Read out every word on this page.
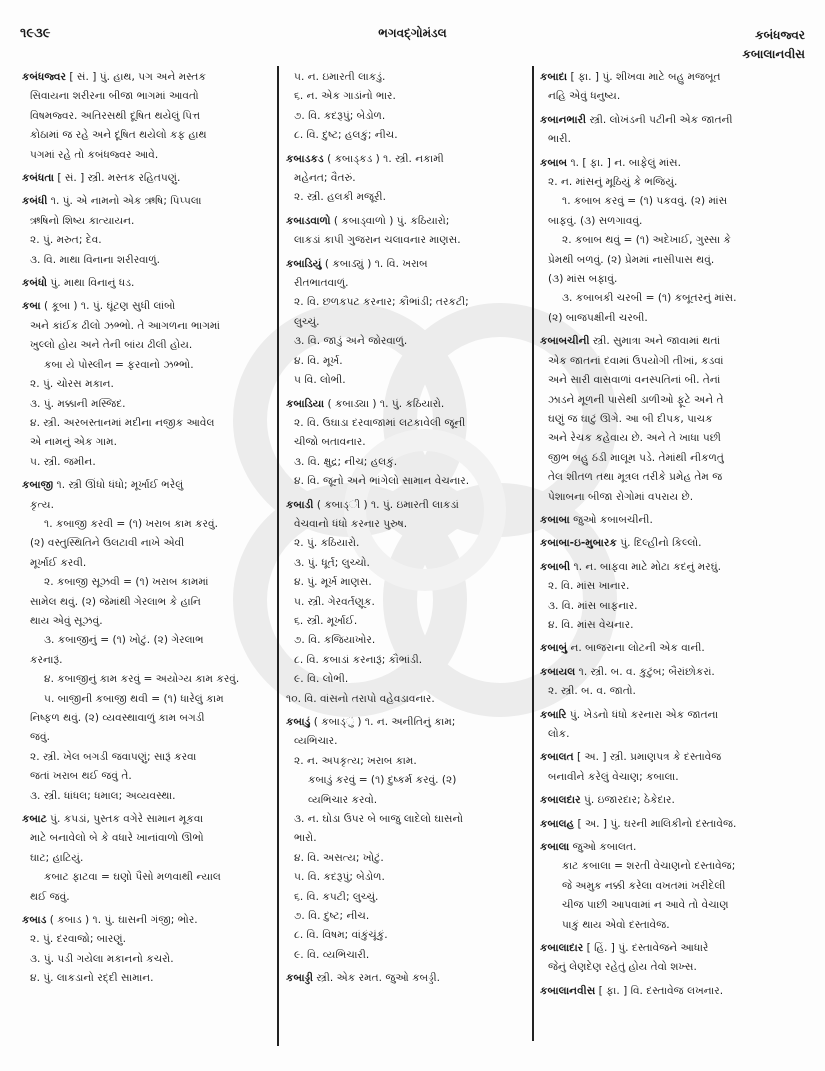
૧૯૩૯	ભગવદ્ગોમંડલ	કબંધજ્વર
કબાલાનવીસ
કબંધજ્વર [ સં. ] પું. હાથ, પગ અને મસ્તક
સિવાયના શરીરના બીજા ભાગમાં આવતો
વિષમજ્વર. અતિરસથી દૂષિત થયેલું પિત્ત
કોઠામાં જ રહે અને દૂષિત થયેલો કફ હાથ
પગમાં રહે તો કબંધજ્વર આવે.
કબંધતા [ સં. ] સ્ત્રી. મસ્તક રહિતપણું.
કબંધી ૧. પું. એ નામનો એક ઋષિ; પિપ્પલા
ઋષિનો શિષ્ય કાત્યાયન.
૨. પું. મરુત; દેવ.
૩. વિ. માથા વિનાના શરીરવાળું.
કબંધો પું. માથા વિનાનું ધડ.
કબા ( કૂબા ) ૧. પું. ઘૂંટણ સુધી લાંબો
અને કાંઈક ઢીલો ઝભ્ભો. તે આગળના ભાગમાં
ખુલ્લો હોય અને તેની બાંય ઢીલી હોય.
કબા યે પોસ્લીન = ફરવાનો ઝભ્ભો.
૨. પું. ચોરસ મકાન.
૩. પું. મક્કાની મસ્જિદ.
૪. સ્ત્રી. અરબસ્તાનમાં મદીના નજીક આવેલ
એ નામનું એક ગામ.
૫. સ્ત્રી. જમીન.
કબાજી ૧. સ્ત્રી ઊંધો ધંધો; મૂર્ખાઈ ભરેલું
કૃત્ય.
૧. કબાજી કરવી = (૧) ખરાબ કામ કરવું.
(૨) વસ્તુસ્થિતિને ઉલટાવી નાખે એવી
મૂર્ખાઈ કરવી.
૨. કબાજી સૂઝવી = (૧) ખરાબ કામમાં
સામેલ થવું. (૨) જેમાંથી ગેરલાભ કે હાનિ
થાય એવું સૂઝવું.
૩. કબાજીનું = (૧) ખોટું. (૨) ગેરલાભ
કરનારૂં.
૪. કબાજીનું કામ કરવું = અયોગ્ય કામ કરવું.
૫. બાજીની કબાજી થવી = (૧) ધારેલું કામ
નિષ્ફળ થવું. (૨) વ્યવસ્થાવાળું કામ બગડી
જવું.
૨. સ્ત્રી. ખેલ બગડી જવાપણું; સારૂં કરવા
જતાં ખરાબ થઈ જવું તે.
૩. સ્ત્રી. ધાંધલ; ધમાલ; અવ્યવસ્થા.
કબાટ પું. કપડાં, પુસ્તક વગેરે સામાન મૂકવા
માટે બનાવેલો બે કે વધારે ખાનાંવાળો ઊભો
ઘાટ; હાટિયું.
કબાટ ફાટવા = ઘણો પૈસો મળવાથી ન્યાલ
થઈ જવું.
કબાડ ( કબાડ ) ૧. પું. ઘાસની ગંજી; ભોર.
૨. પું. દરવાજો; બારણું.
૩. પું. પડી ગયેલા મકાનનો કચરો.
૪. પું. લાકડાનો રદ્દી સામાન.
૫. ન. ઇમારતી લાકડું.
૬. ન. એક ગાડાંનો ભાર.
૭. વિ. કદરૂપું; બેડોળ.
૮. વિ. દુષ્ટ; હલકું; નીચ.
કબાડકડ ( કબાડ્કડ ) ૧. સ્ત્રી. નકામી
મહેનત; વૈતરું.
૨. સ્ત્રી. હલકી મજૂરી.
કબાડવાળો ( કબાડ્વાળો ) પું. કઠિયારો;
લાકડાં કાપી ગુજરાન ચલાવનાર માણસ.
કબાડિયું ( કબાડ્યું ) ૧. વિ. ખરાબ
રીતભાતવાળું.
૨. વિ. છળકપટ કરનાર; કૌભાંડી; તરકટી;
લુચ્ચું.
૩. વિ. જાડું અને જોરવાળું.
૪. વિ. મૂર્ખ.
૫ વિ. લોભી.
કબાડિયા ( કબાડ્યા ) ૧. પું. કઠિયારો.
૨. વિ. ઉઘાડા દરવાજામાં લટકાવેલી જૂની
ચીજો બતાવનાર.
૩. વિ. ક્ષુદ્ર; નીચ; હલકું.
૪. વિ. જૂનો અને ભાંગેલો સામાન વેચનાર.
કબાડી ( કબાડ્ી ) ૧. પું. ઇમારતી લાકડાં
વેચવાનો ધંધો કરનાર પુરુષ.
૨. પું. કઠિયારો.
૩. પું. ધૂર્ત; લુચ્ચો.
૪. પું. મૂર્ખ માણસ.
૫. સ્ત્રી. ગેરવર્તણૂક.
૬. સ્ત્રી. મૂર્ખાઈ.
૭. વિ. કજિયાખોર.
૮. વિ. કબાડાં કરનારૂં; કૌભાંડી.
૯. વિ. લોભી.
૧૦. વિ. વાંસનો તરાપો વહેવડાવનાર.
કબાડું ( કબાડ્ું ) ૧. ન. અનીતિનું કામ;
વ્યભિચાર.
૨. ન. અપકૃત્ય; ખરાબ કામ.
કબાડું કરવું = (૧) દુષ્કર્મ કરવું. (૨)
વ્યભિચાર કરવો.
૩. ન. ઘોડા ઉપર બે બાજુ લાદેલો ઘાસનો
ભારો.
૪. વિ. અસત્ય; ખોટું.
૫. વિ. કદરૂપું; બેડોળ.
૬. વિ. કપટી; લુચ્ચું.
૭. વિ. દુષ્ટ; નીચ.
૮. વિ. વિષમ; વાંકુંચૂંકું.
૯. વિ. વ્યભિચારી.
કબાડ્ડી સ્ત્રી. એક રમત. જુઓ કબડ્ડી.
કબાદા [ ફા. ] પું. શીખવા માટે બહુ મજબૂત
નહિ એવું ધનુષ્ય.
કબાનભારી સ્ત્રી. લોખંડની પટીની એક જાતની
ભારી.
કબાબ ૧. [ ફા. ] ન. બાફેલું માંસ.
૨. ન. માંસનું મૂઠિયું કે ભજિયું.
૧. કબાબ કરવું = (૧) પકવવું. (૨) માંસ
બાફવું. (૩) સળગાવવું.
૨. કબાબ થવું = (૧) અદેખાઈ, ગુસ્સા કે
પ્રેમથી બળવું. (૨) પ્રેમમાં નાસીપાસ થવું.
(૩) માંસ બફાવું.
૩. કબાબકી ચરબી = (૧) કબૂતરનું માંસ.
(૨) બાજપક્ષીની ચરબી.
કબાબચીની સ્ત્રી. સુમાત્રા અને જાવામાં થતાં
એક જાતનાં દવામાં ઉપયોગી તીખાં, કડવાં
અને સારી વાસવાળાં વનસ્પતિનાં બી. તેનાં
ઝાડને મૂળની પાસેથી ડાળીઓ ફૂટે અને તે
ઘણું જ ઘાટું ઊગે. આ બી દીપક, પાચક
અને રેચક કહેવાય છે. અને તે ખાધા પછી
જીભ બહુ ઠંડી માલૂમ પડે. તેમાંથી નીકળતું
તેલ શીતળ તથા મૂત્રલ તરીકે પ્રમેહ તેમ જ
પેશાબના બીજા રોગોમાં વપરાય છે.
કબાબા જુઓ કબાબચીની.
કબાબા-ઇ-મુબારક પું. દિલ્હીનો કિલ્લો.
કબાબી ૧. ન. બાફવા માટે મોટા કદનું મરઘું.
૨. વિ. માંસ ખાનાર.
૩. વિ. માંસ બાફનાર.
૪. વિ. માંસ વેચનાર.
કબાબું ન. બાજરાના લોટની એક વાની.
કબાયલ ૧. સ્ત્રી. બ. વ. કુટુંબ; બૈરાંછોકરાં.
૨. સ્ત્રી. બ. વ. જાતો.
કબારિ પું. ખેડનો ધંધો કરનારા એક જાતના
લોક.
કબાલત [ અ. ] સ્ત્રી. પ્રમાણપત્ર કે દસ્તાવેજ
બનાવીને કરેલું વેચાણ; કબાલા.
કબાલદાર પું. ઇજારદાર; ઠેકેદાર.
કબાલહ [ અ. ] પું. ઘરની માલિકીનો દસ્તાવેજ.
કબાલા જુઓ કબાલત.
કાટ કબાલા = શરતી વેચાણનો દસ્તાવેજ;
જે અમુક નક્કી કરેલા વખતમાં ખરીદેલી
ચીજ પાછી આપવામાં ન આવે તો વેચાણ
પાકું થાય એવો દસ્તાવેજ.
કબાલાદાર [ હિં. ] પું. દસ્તાવેજને આધારે
જેનું લેણદેણ રહેતું હોય તેવો શખ્સ.
કબાલાનવીસ [ ફા. ] વિ. દસ્તાવેજ લખનાર.
